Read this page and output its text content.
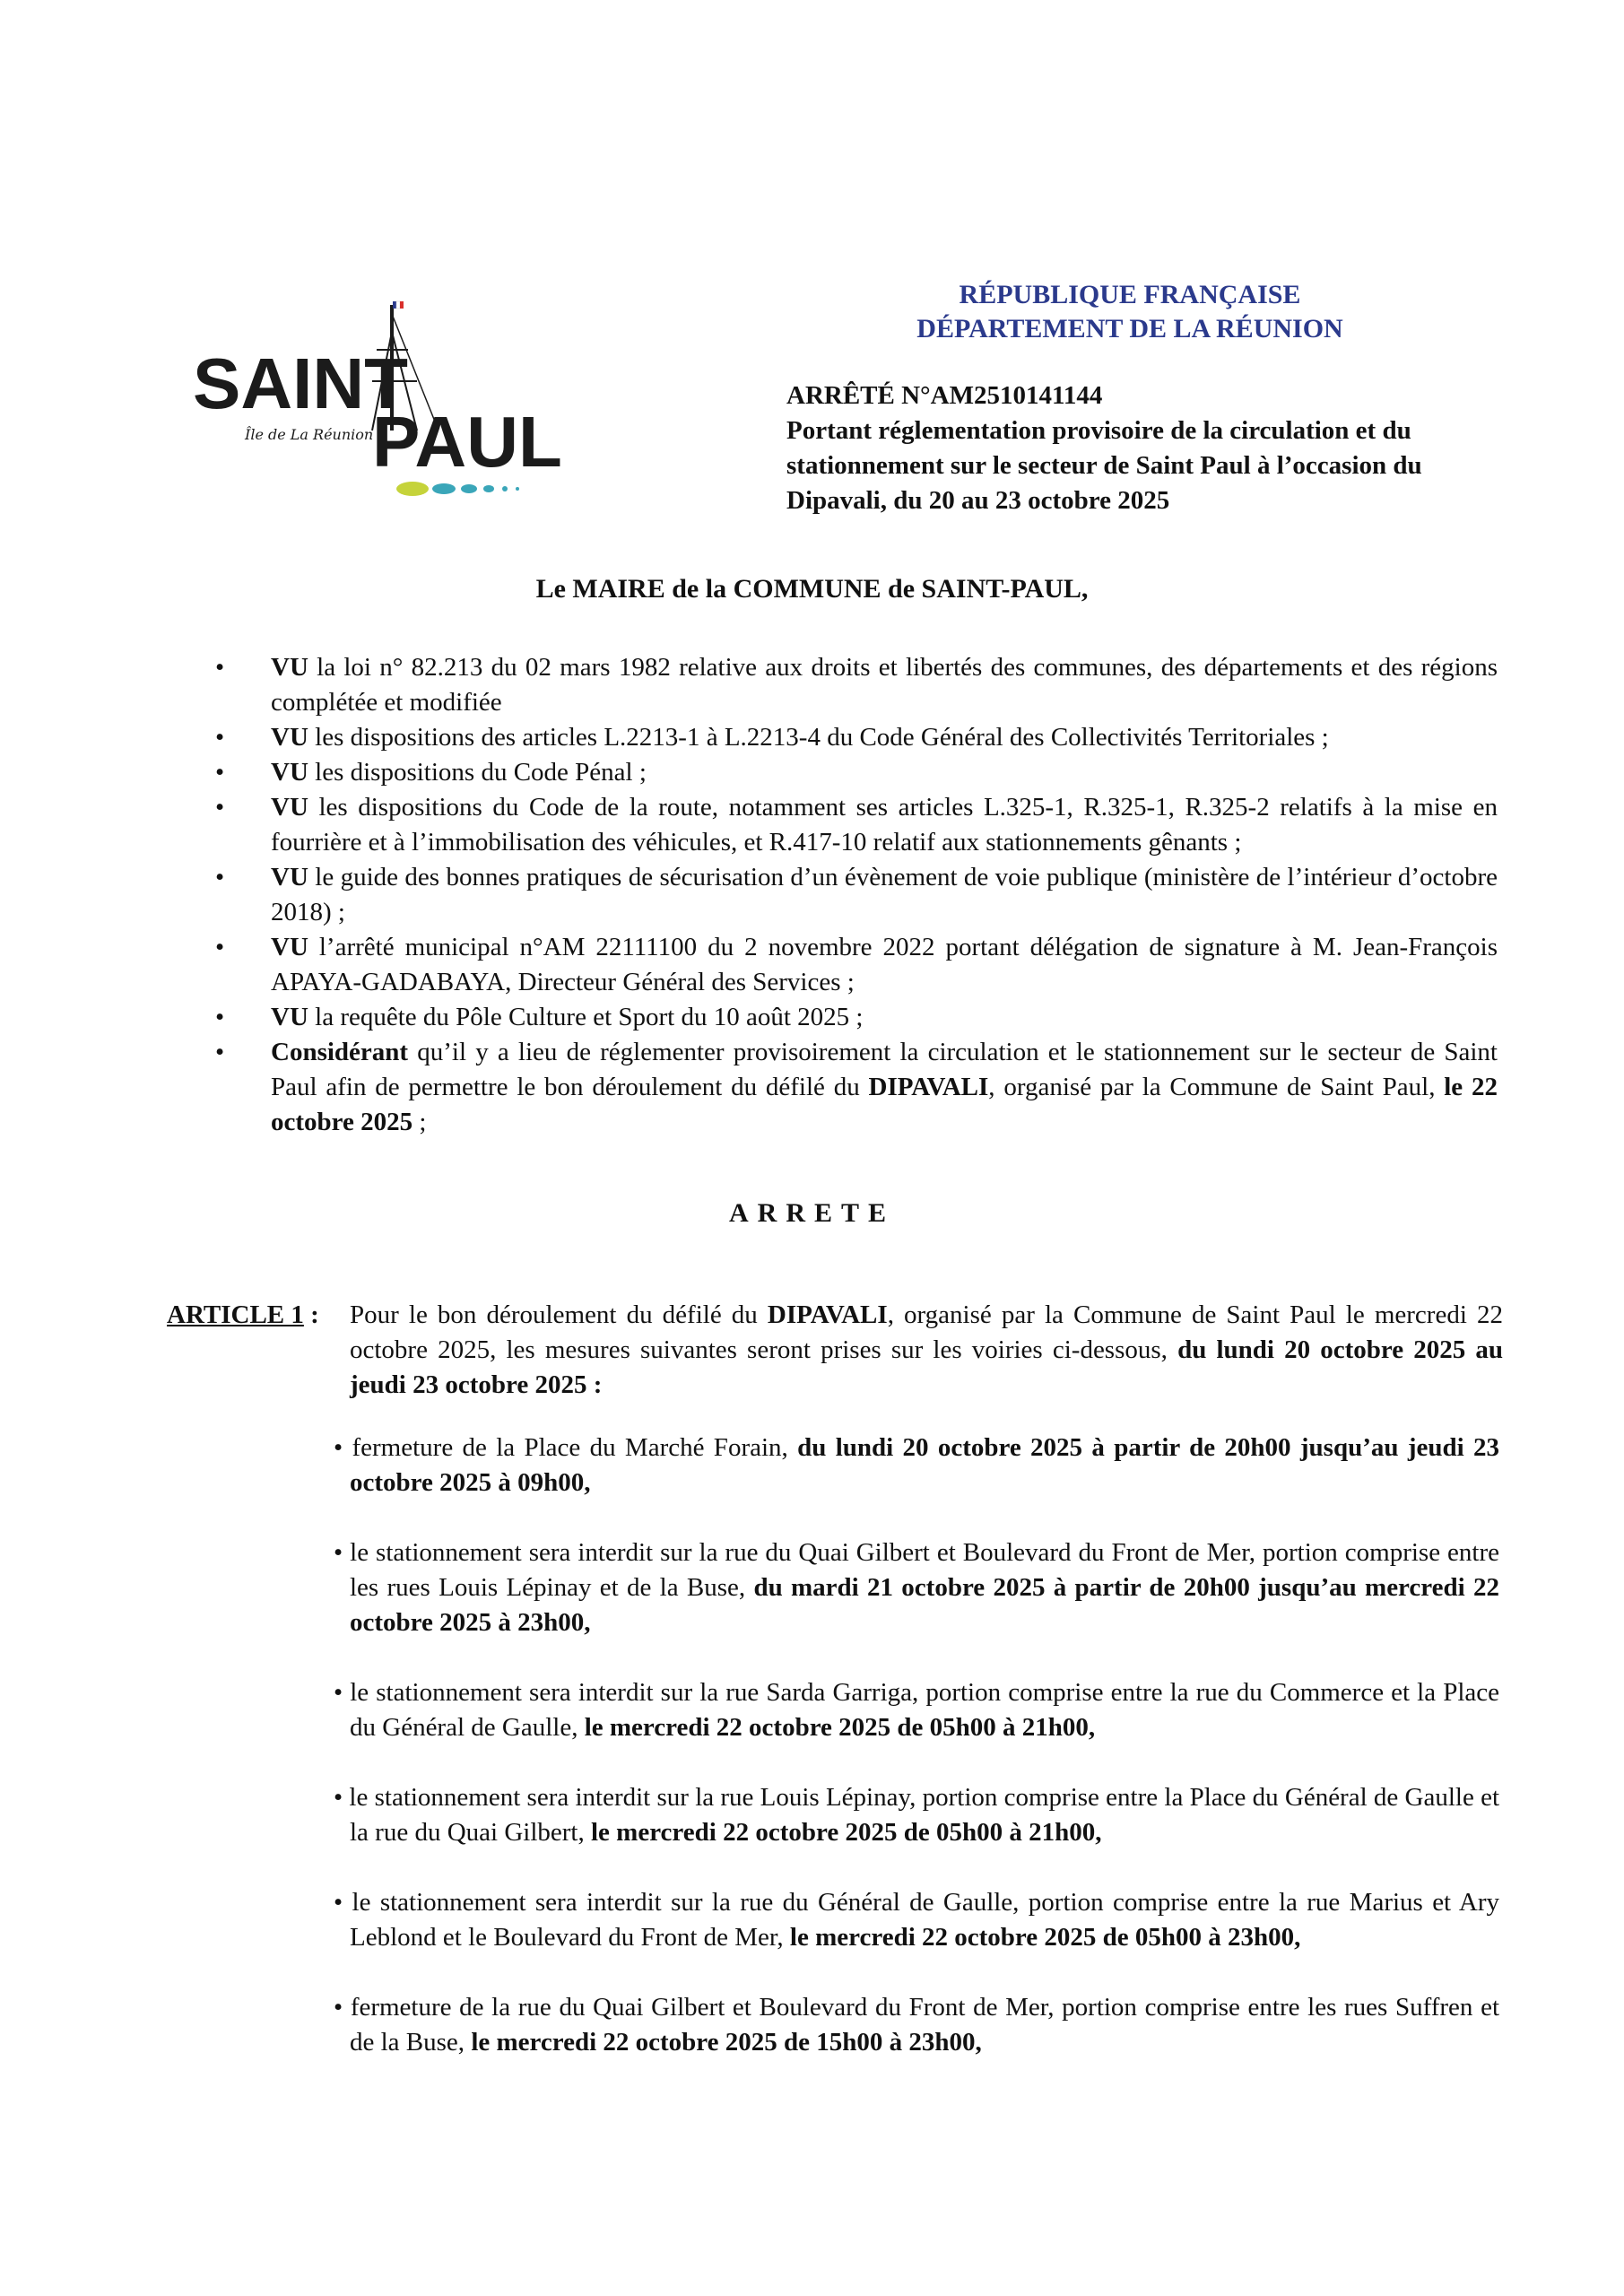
SAINT
PAUL
Île de La Réunion
RÉPUBLIQUE FRANÇAISE
DÉPARTEMENT DE LA RÉUNION
ARRÊTÉ N°AM2510141144
Portant réglementation provisoire de la circulation et du stationnement sur le secteur de Saint Paul à l’occasion du Dipavali, du 20 au 23 octobre 2025
Le MAIRE de la COMMUNE de SAINT-PAUL,
• VU la loi n° 82.213 du 02 mars 1982 relative aux droits et libertés des communes, des départements et des régions complétée et modifiée
• VU les dispositions des articles L.2213-1 à L.2213-4 du Code Général des Collectivités Territoriales ;
• VU les dispositions du Code Pénal ;
• VU les dispositions du Code de la route, notamment ses articles L.325-1, R.325-1, R.325-2 relatifs à la mise en fourrière et à l’immobilisation des véhicules, et R.417-10 relatif aux stationnements gênants ;
• VU le guide des bonnes pratiques de sécurisation d’un évènement de voie publique (ministère de l’intérieur d’octobre 2018) ;
• VU l’arrêté municipal n°AM 22111100 du 2 novembre 2022 portant délégation de signature à M. Jean-François APAYA-GADABAYA, Directeur Général des Services ;
• VU la requête du Pôle Culture et Sport du 10 août 2025 ;
• Considérant qu’il y a lieu de réglementer provisoirement la circulation et le stationnement sur le secteur de Saint Paul afin de permettre le bon déroulement du défilé du DIPAVALI, organisé par la Commune de Saint Paul, le 22 octobre 2025 ;
ARRETE
ARTICLE 1 : Pour le bon déroulement du défilé du DIPAVALI, organisé par la Commune de Saint Paul le mercredi 22 octobre 2025, les mesures suivantes seront prises sur les voiries ci-dessous, du lundi 20 octobre 2025 au jeudi 23 octobre 2025 :
• fermeture de la Place du Marché Forain, du lundi 20 octobre 2025 à partir de 20h00 jusqu’au jeudi 23 octobre 2025 à 09h00,
• le stationnement sera interdit sur la rue du Quai Gilbert et Boulevard du Front de Mer, portion comprise entre les rues Louis Lépinay et de la Buse, du mardi 21 octobre 2025 à partir de 20h00 jusqu’au mercredi 22 octobre 2025 à 23h00,
• le stationnement sera interdit sur la rue Sarda Garriga, portion comprise entre la rue du Commerce et la Place du Général de Gaulle, le mercredi 22 octobre 2025 de 05h00 à 21h00,
• le stationnement sera interdit sur la rue Louis Lépinay, portion comprise entre la Place du Général de Gaulle et la rue du Quai Gilbert, le mercredi 22 octobre 2025 de 05h00 à 21h00,
• le stationnement sera interdit sur la rue du Général de Gaulle, portion comprise entre la rue Marius et Ary Leblond et le Boulevard du Front de Mer, le mercredi 22 octobre 2025 de 05h00 à 23h00,
• fermeture de la rue du Quai Gilbert et Boulevard du Front de Mer, portion comprise entre les rues Suffren et de la Buse, le mercredi 22 octobre 2025 de 15h00 à 23h00,
